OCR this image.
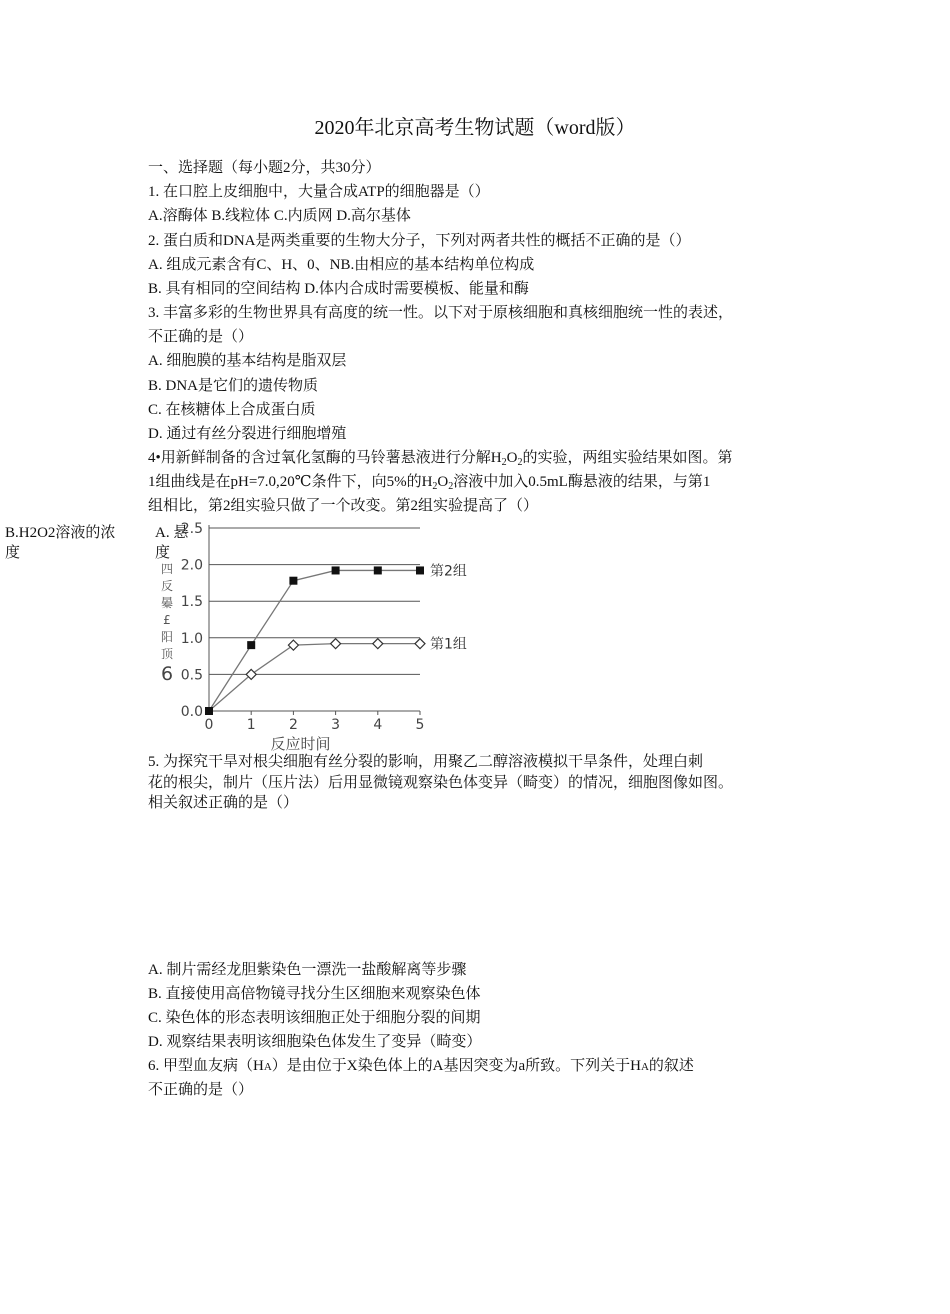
2020年北京高考生物试题（word版）
一、选择题（每小题2分，共30分）
1. 在口腔上皮细胞中，大量合成ATP的细胞器是（）
A.溶酶体 B.线粒体 C.内质网 D.高尔基体
2. 蛋白质和DNA是两类重要的生物大分子，下列对两者共性的概括不正确的是（）
A. 组成元素含有C、H、0、NB.由相应的基本结构单位构成
B. 具有相同的空间结构 D.体内合成时需要模板、能量和酶
3. 丰富多彩的生物世界具有高度的统一性。以下对于原核细胞和真核细胞统一性的表述，
不正确的是（）
A. 细胞膜的基本结构是脂双层
B. DNA是它们的遗传物质
C. 在核糖体上合成蛋白质
D. 通过有丝分裂进行细胞增殖
4•用新鲜制备的含过氧化氢酶的马铃薯悬液进行分解$H_2O_2$的实验，两组实验结果如图。第
1组曲线是在pH=7.0,20℃条件下，向5%的$H_2O_2$溶液中加入0.5mL酶悬液的结果，与第1
组相比，第2组实验只做了一个改变。第2组实验提高了（）
B.H2O2溶液的浓
度
A. 悬
度
0.0
0.5
1.0
1.5
2.0
2.5
0 1 2 3 4 5
反应时间
四
反
㬥
£
阳
顶
6
第2组
第1组
5. 为探究干旱对根尖细胞有丝分裂的影响，用聚乙二醇溶液模拟干旱条件，处理白刺
花的根尖，制片（压片法）后用显微镜观察染色体变异（畸变）的情况，细胞图像如图。
相关叙述正确的是（）
A. 制片需经龙胆紫染色一漂洗一盐酸解离等步骤
B. 直接使用高倍物镜寻找分生区细胞来观察染色体
C. 染色体的形态表明该细胞正处于细胞分裂的间期
D. 观察结果表明该细胞染色体发生了变异（畸变）
6. 甲型血友病（HA）是由位于X染色体上的A基因突变为a所致。下列关于HA的叙述
不正确的是（）
